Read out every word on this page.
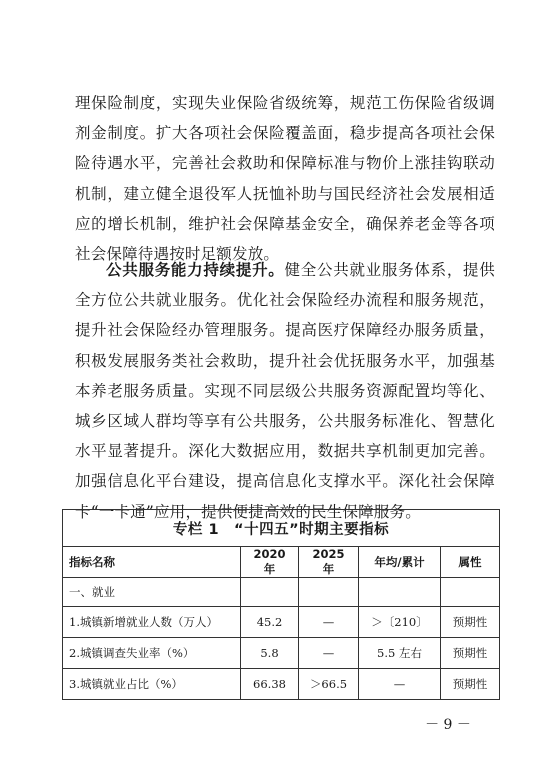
理保险制度，实现失业保险省级统筹，规范工伤保险省级调剂金制度。扩大各项社会保险覆盖面，稳步提高各项社会保险待遇水平，完善社会救助和保障标准与物价上涨挂钩联动机制，建立健全退役军人抚恤补助与国民经济社会发展相适应的增长机制，维护社会保障基金安全，确保养老金等各项社会保障待遇按时足额发放。
公共服务能力持续提升。健全公共就业服务体系，提供全方位公共就业服务。优化社会保险经办流程和服务规范，提升社会保险经办管理服务。提高医疗保障经办服务质量，积极发展服务类社会救助，提升社会优抚服务水平，加强基本养老服务质量。实现不同层级公共服务资源配置均等化、城乡区域人群均等享有公共服务，公共服务标准化、智慧化水平显著提升。深化大数据应用，数据共享机制更加完善。加强信息化平台建设，提高信息化支撑水平。深化社会保障卡“一卡通”应用，提供便捷高效的民生保障服务。
专栏 1　“十四五”时期主要指标				
指标名称	2020 年	2025 年	年均/累计	属性
一、就业				
1.城镇新增就业人数（万人）	45.2	—	＞〔210〕	预期性
2.城镇调查失业率（%）	5.8	—	5.5 左右	预期性
3.城镇就业占比（%）	66.38	＞66.5	—	预期性
－ 9 －
